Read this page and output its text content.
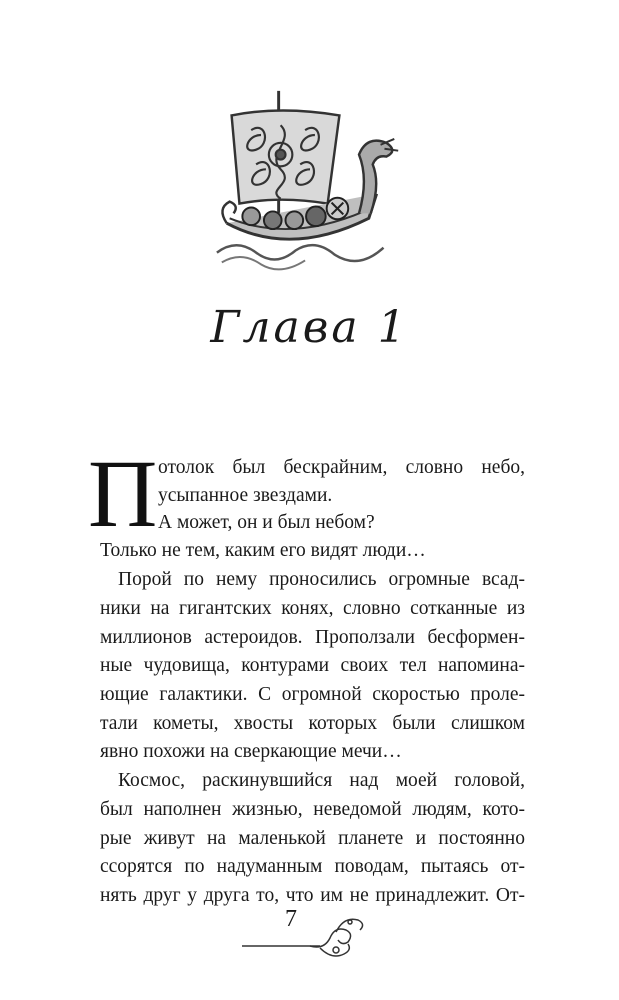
Глава 1
П отолок был бескрайним, словно небо,
усыпанное звездами.
А может, он и был небом?
Только не тем, каким его видят люди…
Порой по нему проносились огромные всад-
ники на гигантских конях, словно сотканные из
миллионов астероидов. Проползали бесформен-
ные чудовища, контурами своих тел напомина-
ющие галактики. С огромной скоростью проле-
тали кометы, хвосты которых были слишком
явно похожи на сверкающие мечи…
Космос, раскинувшийся над моей головой,
был наполнен жизнью, неведомой людям, кото-
рые живут на маленькой планете и постоянно
ссорятся по надуманным поводам, пытаясь от-
нять друг у друга то, что им не принадлежит. От-
7
